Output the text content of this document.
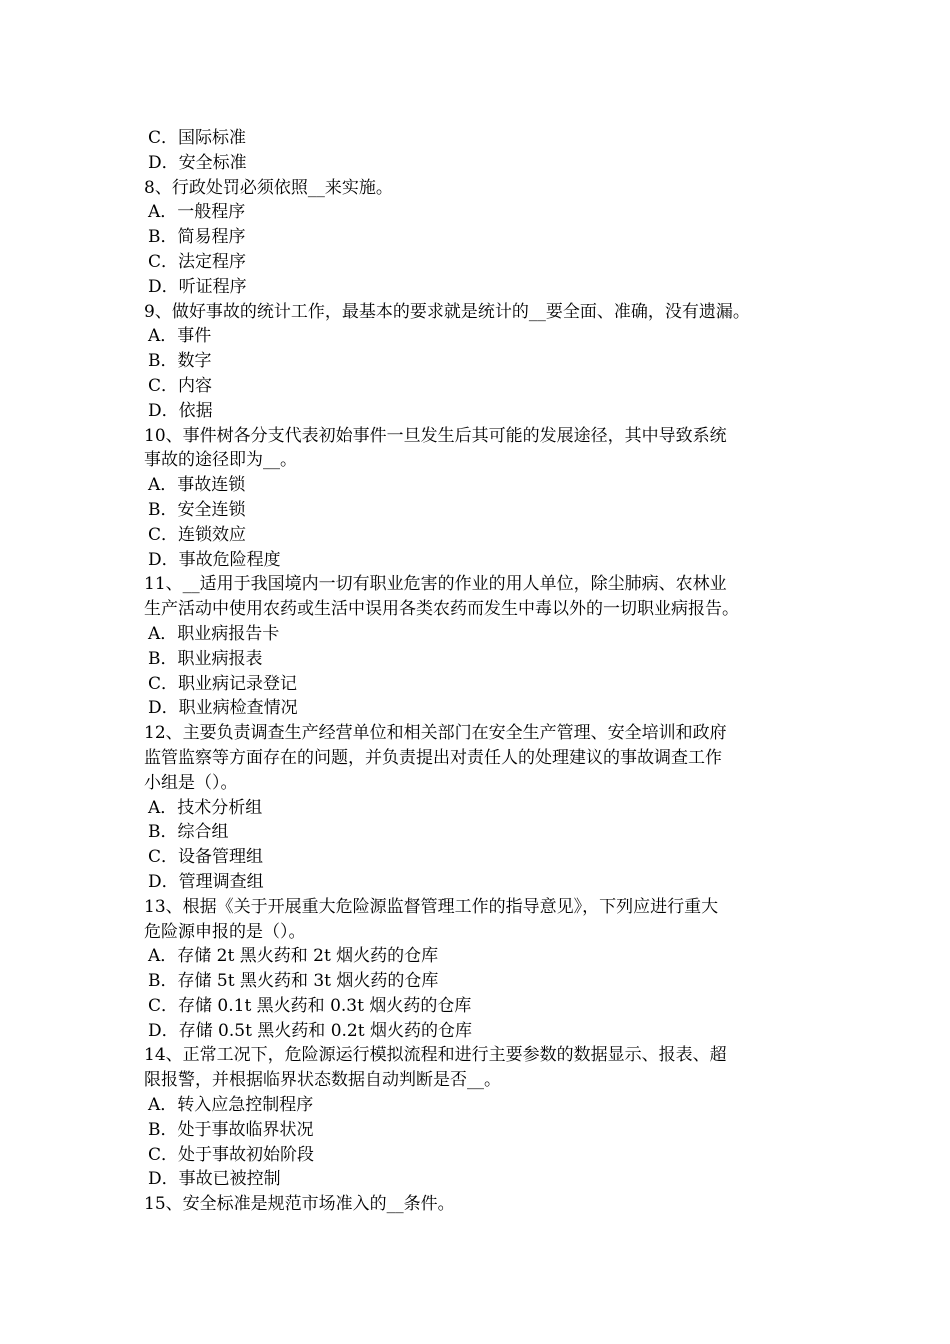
C．国际标准
D．安全标准
8、行政处罚必须依照__来实施。
A．一般程序
B．简易程序
C．法定程序
D．听证程序
9、做好事故的统计工作，最基本的要求就是统计的__要全面、准确，没有遗漏。
A．事件
B．数字
C．内容
D．依据
10、事件树各分支代表初始事件一旦发生后其可能的发展途径，其中导致系统
事故的途径即为__。
A．事故连锁
B．安全连锁
C．连锁效应
D．事故危险程度
11、__适用于我国境内一切有职业危害的作业的用人单位，除尘肺病、农林业
生产活动中使用农药或生活中误用各类农药而发生中毒以外的一切职业病报告。
A．职业病报告卡
B．职业病报表
C．职业病记录登记
D．职业病检查情况
12、主要负责调查生产经营单位和相关部门在安全生产管理、安全培训和政府
监管监察等方面存在的问题，并负责提出对责任人的处理建议的事故调查工作
小组是（）。
A．技术分析组
B．综合组
C．设备管理组
D．管理调查组
13、根据《关于开展重大危险源监督管理工作的指导意见》，下列应进行重大
危险源申报的是（）。
A．存储 2t 黑火药和 2t 烟火药的仓库
B．存储 5t 黑火药和 3t 烟火药的仓库
C．存储 0.1t 黑火药和 0.3t 烟火药的仓库
D．存储 0.5t 黑火药和 0.2t 烟火药的仓库
14、正常工况下，危险源运行模拟流程和进行主要参数的数据显示、报表、超
限报警，并根据临界状态数据自动判断是否__。
A．转入应急控制程序
B．处于事故临界状况
C．处于事故初始阶段
D．事故已被控制
15、安全标准是规范市场准入的__条件。
